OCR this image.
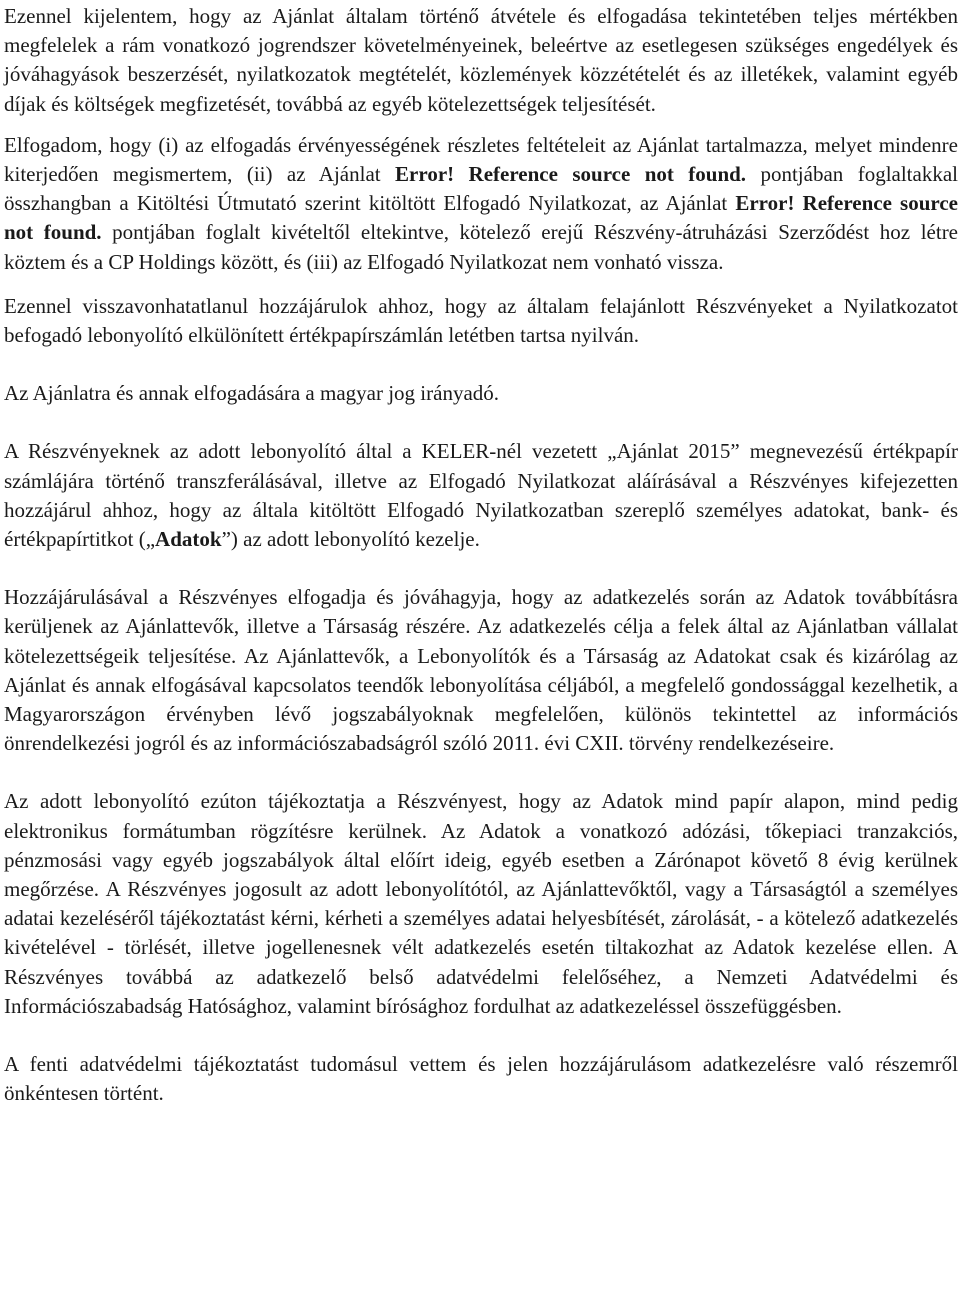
Ezennel kijelentem, hogy az Ajánlat általam történő átvétele és elfogadása tekintetében teljes mértékben megfelelek a rám vonatkozó jogrendszer követelményeinek, beleértve az esetlegesen szükséges engedélyek és jóváhagyások beszerzését, nyilatkozatok megtételét, közlemények közzétételét és az illetékek, valamint egyéb díjak és költségek megfizetését, továbbá az egyéb kötelezettségek teljesítését.

Elfogadom, hogy (i) az elfogadás érvényességének részletes feltételeit az Ajánlat tartalmazza, melyet mindenre kiterjedően megismertem, (ii) az Ajánlat Error! Reference source not found. pontjában foglaltakkal összhangban a Kitöltési Útmutató szerint kitöltött Elfogadó Nyilatkozat, az Ajánlat Error! Reference source not found. pontjában foglalt kivételtől eltekintve, kötelező erejű Részvény-átruházási Szerződést hoz létre köztem és a CP Holdings között, és (iii) az Elfogadó Nyilatkozat nem vonható vissza.

Ezennel visszavonhatatlanul hozzájárulok ahhoz, hogy az általam felajánlott Részvényeket a Nyilatkozatot befogadó lebonyolító elkülönített értékpapírszámlán letétben tartsa nyilván.

Az Ajánlatra és annak elfogadására a magyar jog irányadó.

A Részvényeknek az adott lebonyolító által a KELER-nél vezetett „Ajánlat 2015” megnevezésű értékpapír számlájára történő transzferálásával, illetve az Elfogadó Nyilatkozat aláírásával a Részvényes kifejezetten hozzájárul ahhoz, hogy az általa kitöltött Elfogadó Nyilatkozatban szereplő személyes adatokat, bank- és értékpapírtitkot („Adatok”) az adott lebonyolító kezelje.

Hozzájárulásával a Részvényes elfogadja és jóváhagyja, hogy az adatkezelés során az Adatok továbbításra kerüljenek az Ajánlattevők, illetve a Társaság részére. Az adatkezelés célja a felek által az Ajánlatban vállalat kötelezettségeik teljesítése. Az Ajánlattevők, a Lebonyolítók és a Társaság az Adatokat csak és kizárólag az Ajánlat és annak elfogásával kapcsolatos teendők lebonyolítása céljából, a megfelelő gondossággal kezelhetik, a Magyarországon érvényben lévő jogszabályoknak megfelelően, különös tekintettel az információs önrendelkezési jogról és az információszabadságról szóló 2011. évi CXII. törvény rendelkezéseire.

Az adott lebonyolító ezúton tájékoztatja a Részvényest, hogy az Adatok mind papír alapon, mind pedig elektronikus formátumban rögzítésre kerülnek. Az Adatok a vonatkozó adózási, tőkepiaci tranzakciós, pénzmosási vagy egyéb jogszabályok által előírt ideig, egyéb esetben a Zárónapot követő 8 évig kerülnek megőrzése. A Részvényes jogosult az adott lebonyolítótól, az Ajánlattevőktől, vagy a Társaságtól a személyes adatai kezeléséről tájékoztatást kérni, kérheti a személyes adatai helyesbítését, zárolását, - a kötelező adatkezelés kivételével - törlését, illetve jogellenesnek vélt adatkezelés esetén tiltakozhat az Adatok kezelése ellen. A Részvényes továbbá az adatkezelő belső adatvédelmi felelőséhez, a Nemzeti Adatvédelmi és Információszabadság Hatósághoz, valamint bírósághoz fordulhat az adatkezeléssel összefüggésben.

A fenti adatvédelmi tájékoztatást tudomásul vettem és jelen hozzájárulásom adatkezelésre való részemről önkéntesen történt.
